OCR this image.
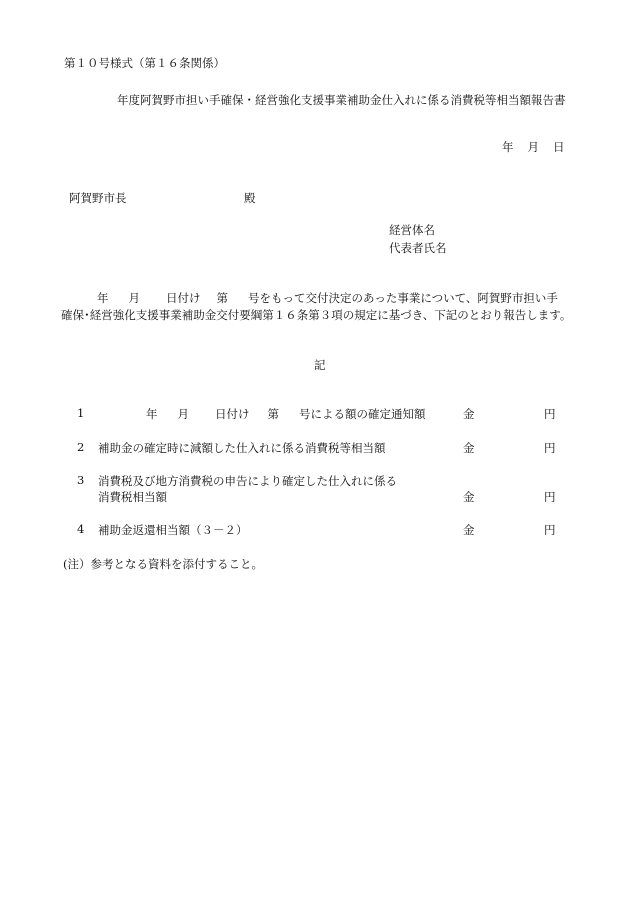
第１０号様式（第１６条関係）
年度阿賀野市担い手確保・経営強化支援事業補助金仕入れに係る消費税等相当額報告書
年 月 日
阿賀野市長	殿
経営体名
代表者氏名
年 月 日付け 第 号をもって交付決定のあった事業について、阿賀野市担い手
確保･経営強化支援事業補助金交付要綱第１６条第３項の規定に基づき、下記のとおり報告します。
記
1	年 月 日付け 第 号による額の確定通知額	金	円
2 補助金の確定時に減額した仕入れに係る消費税等相当額	金	円
3 消費税及び地方消費税の申告により確定した仕入れに係る
消費税相当額	金	円
4 補助金返還相当額（３－２）	金	円
(注）参考となる資料を添付すること。
